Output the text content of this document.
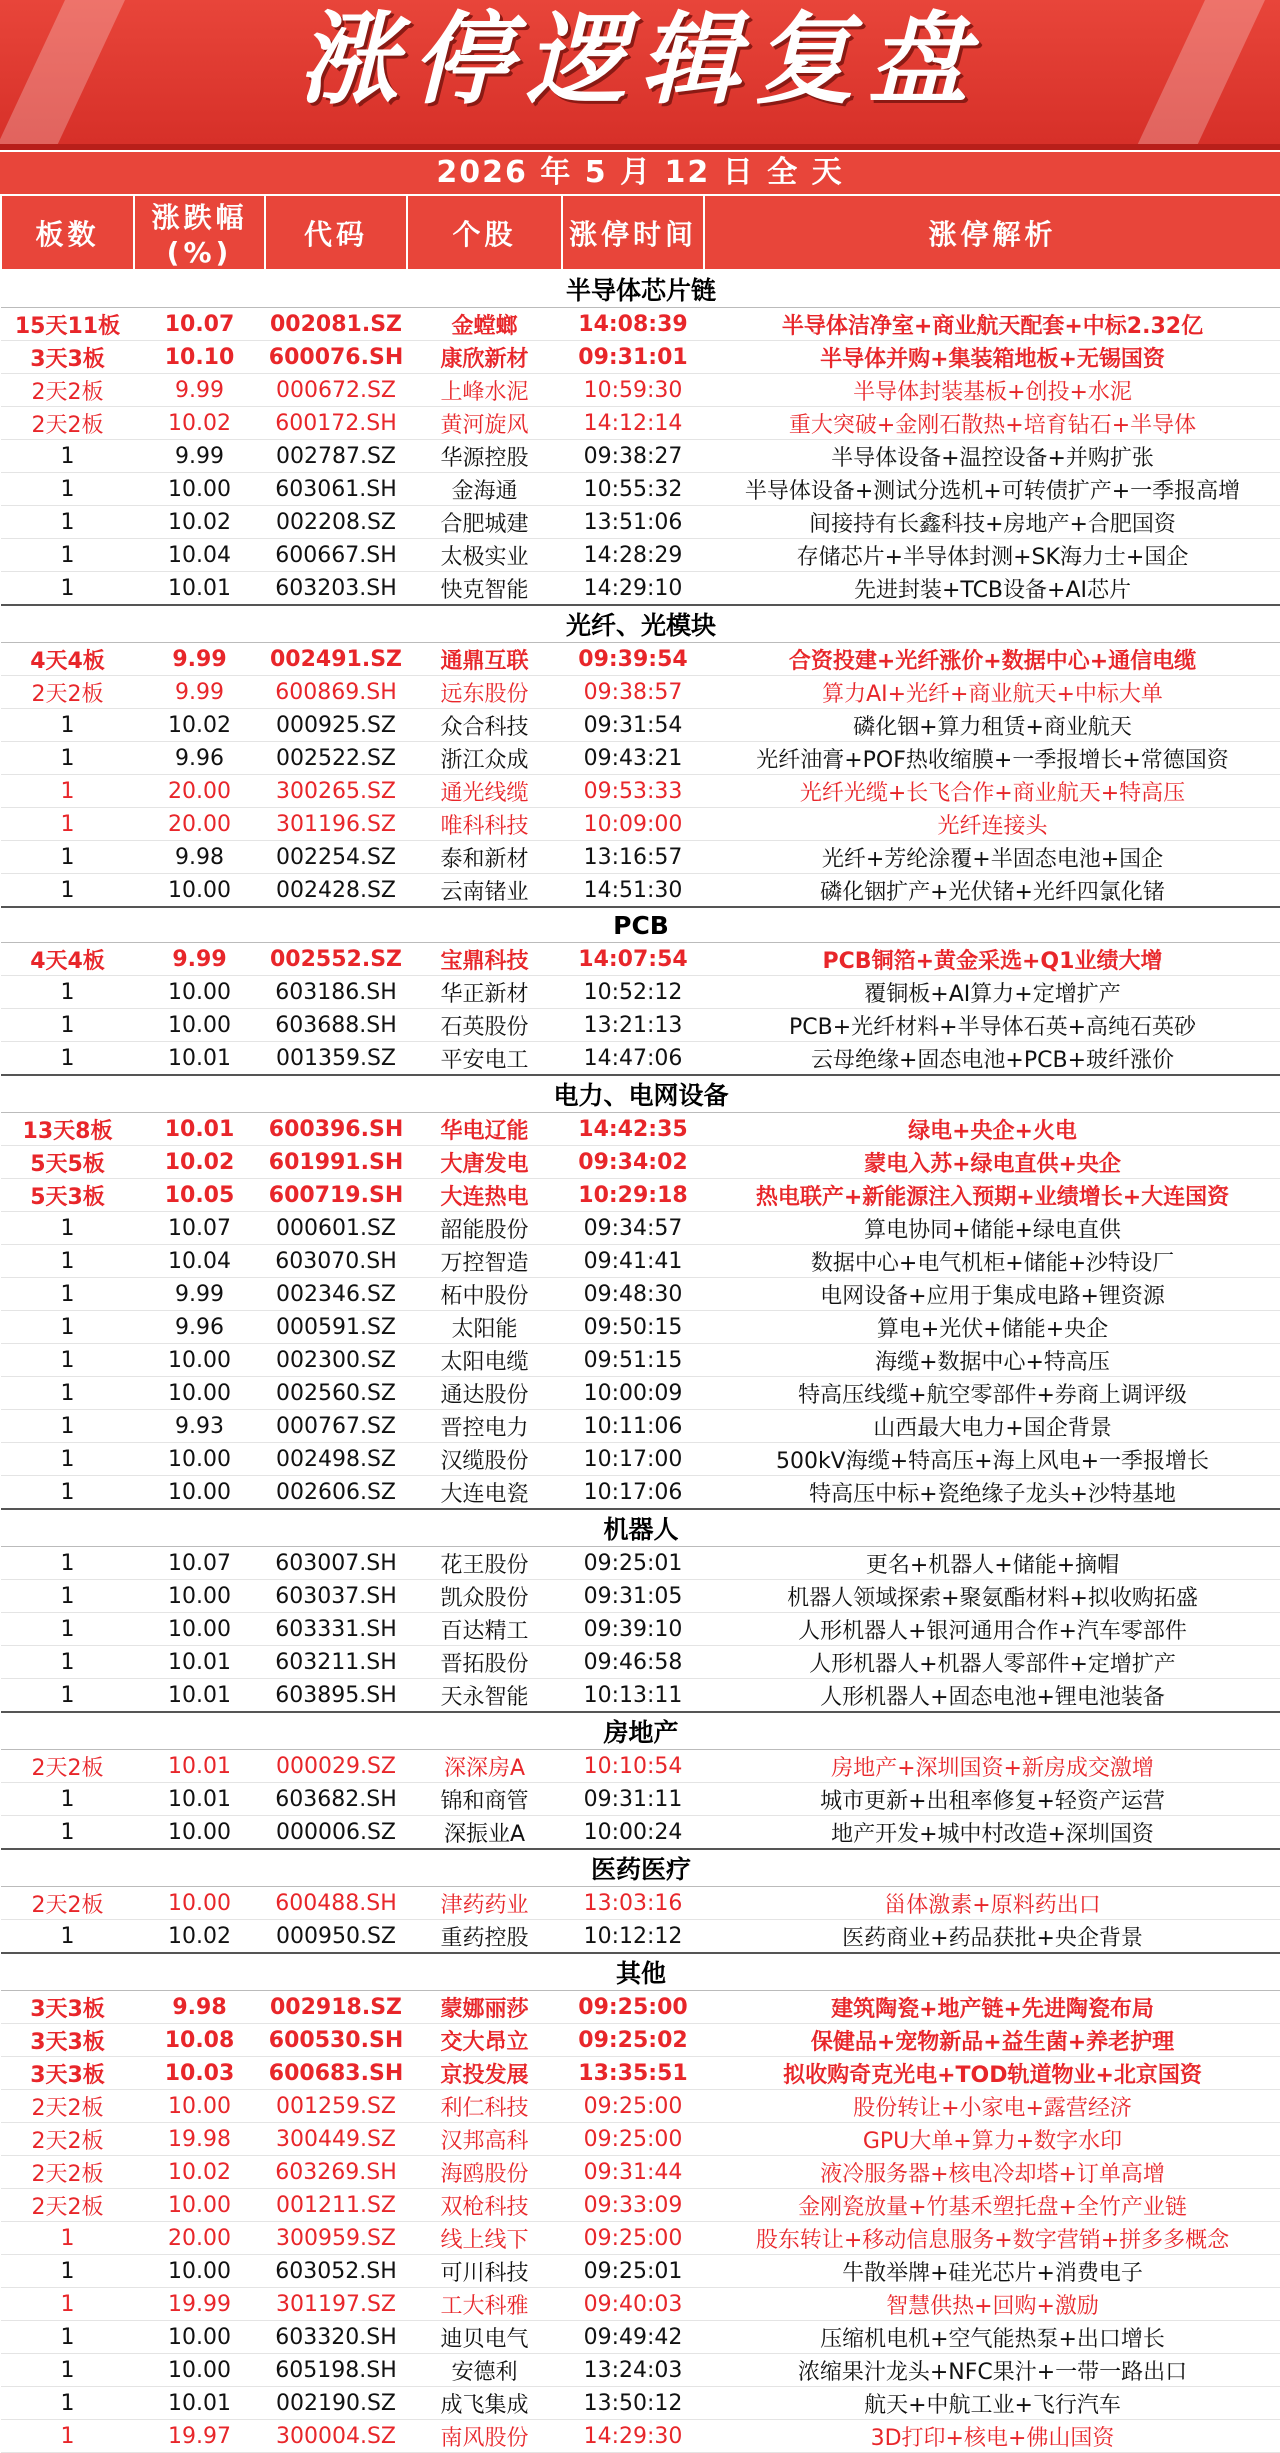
涨停逻辑复盘
2026 年 5 月 12 日 全 天
板数	涨跌幅(%)	代码	个股	涨停时间	涨停解析
半导体芯片链					
15天11板	10.07	002081.SZ	金螳螂	14:08:39	半导体洁净室+商业航天配套+中标2.32亿
3天3板	10.10	600076.SH	康欣新材	09:31:01	半导体并购+集装箱地板+无锡国资
2天2板	9.99	000672.SZ	上峰水泥	10:59:30	半导体封装基板+创投+水泥
2天2板	10.02	600172.SH	黄河旋风	14:12:14	重大突破+金刚石散热+培育钻石+半导体
1	9.99	002787.SZ	华源控股	09:38:27	半导体设备+温控设备+并购扩张
1	10.00	603061.SH	金海通	10:55:32	半导体设备+测试分选机+可转债扩产+一季报高增
1	10.02	002208.SZ	合肥城建	13:51:06	间接持有长鑫科技+房地产+合肥国资
1	10.04	600667.SH	太极实业	14:28:29	存储芯片+半导体封测+SK海力士+国企
1	10.01	603203.SH	快克智能	14:29:10	先进封装+TCB设备+AI芯片
光纤、光模块					
4天4板	9.99	002491.SZ	通鼎互联	09:39:54	合资投建+光纤涨价+数据中心+通信电缆
2天2板	9.99	600869.SH	远东股份	09:38:57	算力AI+光纤+商业航天+中标大单
1	10.02	000925.SZ	众合科技	09:31:54	磷化铟+算力租赁+商业航天
1	9.96	002522.SZ	浙江众成	09:43:21	光纤油膏+POF热收缩膜+一季报增长+常德国资
1	20.00	300265.SZ	通光线缆	09:53:33	光纤光缆+长飞合作+商业航天+特高压
1	20.00	301196.SZ	唯科科技	10:09:00	光纤连接头
1	9.98	002254.SZ	泰和新材	13:16:57	光纤+芳纶涂覆+半固态电池+国企
1	10.00	002428.SZ	云南锗业	14:51:30	磷化铟扩产+光伏锗+光纤四氯化锗
PCB					
4天4板	9.99	002552.SZ	宝鼎科技	14:07:54	PCB铜箔+黄金采选+Q1业绩大增
1	10.00	603186.SH	华正新材	10:52:12	覆铜板+AI算力+定增扩产
1	10.00	603688.SH	石英股份	13:21:13	PCB+光纤材料+半导体石英+高纯石英砂
1	10.01	001359.SZ	平安电工	14:47:06	云母绝缘+固态电池+PCB+玻纤涨价
电力、电网设备					
13天8板	10.01	600396.SH	华电辽能	14:42:35	绿电+央企+火电
5天5板	10.02	601991.SH	大唐发电	09:34:02	蒙电入苏+绿电直供+央企
5天3板	10.05	600719.SH	大连热电	10:29:18	热电联产+新能源注入预期+业绩增长+大连国资
1	10.07	000601.SZ	韶能股份	09:34:57	算电协同+储能+绿电直供
1	10.04	603070.SH	万控智造	09:41:41	数据中心+电气机柜+储能+沙特设厂
1	9.99	002346.SZ	柘中股份	09:48:30	电网设备+应用于集成电路+锂资源
1	9.96	000591.SZ	太阳能	09:50:15	算电+光伏+储能+央企
1	10.00	002300.SZ	太阳电缆	09:51:15	海缆+数据中心+特高压
1	10.00	002560.SZ	通达股份	10:00:09	特高压线缆+航空零部件+券商上调评级
1	9.93	000767.SZ	晋控电力	10:11:06	山西最大电力+国企背景
1	10.00	002498.SZ	汉缆股份	10:17:00	500kV海缆+特高压+海上风电+一季报增长
1	10.00	002606.SZ	大连电瓷	10:17:06	特高压中标+瓷绝缘子龙头+沙特基地
机器人					
1	10.07	603007.SH	花王股份	09:25:01	更名+机器人+储能+摘帽
1	10.00	603037.SH	凯众股份	09:31:05	机器人领域探索+聚氨酯材料+拟收购拓盛
1	10.00	603331.SH	百达精工	09:39:10	人形机器人+银河通用合作+汽车零部件
1	10.01	603211.SH	晋拓股份	09:46:58	人形机器人+机器人零部件+定增扩产
1	10.01	603895.SH	天永智能	10:13:11	人形机器人+固态电池+锂电池装备
房地产					
2天2板	10.01	000029.SZ	深深房A	10:10:54	房地产+深圳国资+新房成交激增
1	10.01	603682.SH	锦和商管	09:31:11	城市更新+出租率修复+轻资产运营
1	10.00	000006.SZ	深振业A	10:00:24	地产开发+城中村改造+深圳国资
医药医疗					
2天2板	10.00	600488.SH	津药药业	13:03:16	甾体激素+原料药出口
1	10.02	000950.SZ	重药控股	10:12:12	医药商业+药品获批+央企背景
其他					
3天3板	9.98	002918.SZ	蒙娜丽莎	09:25:00	建筑陶瓷+地产链+先进陶瓷布局
3天3板	10.08	600530.SH	交大昂立	09:25:02	保健品+宠物新品+益生菌+养老护理
3天3板	10.03	600683.SH	京投发展	13:35:51	拟收购奇克光电+TOD轨道物业+北京国资
2天2板	10.00	001259.SZ	利仁科技	09:25:00	股份转让+小家电+露营经济
2天2板	19.98	300449.SZ	汉邦高科	09:25:00	GPU大单+算力+数字水印
2天2板	10.02	603269.SH	海鸥股份	09:31:44	液冷服务器+核电冷却塔+订单高增
2天2板	10.00	001211.SZ	双枪科技	09:33:09	金刚瓷放量+竹基禾塑托盘+全竹产业链
1	20.00	300959.SZ	线上线下	09:25:00	股东转让+移动信息服务+数字营销+拼多多概念
1	10.00	603052.SH	可川科技	09:25:01	牛散举牌+硅光芯片+消费电子
1	19.99	301197.SZ	工大科雅	09:40:03	智慧供热+回购+激励
1	10.00	603320.SH	迪贝电气	09:49:42	压缩机电机+空气能热泵+出口增长
1	10.00	605198.SH	安德利	13:24:03	浓缩果汁龙头+NFC果汁+一带一路出口
1	10.01	002190.SZ	成飞集成	13:50:12	航天+中航工业+飞行汽车
1	19.97	300004.SZ	南风股份	14:29:30	3D打印+核电+佛山国资
